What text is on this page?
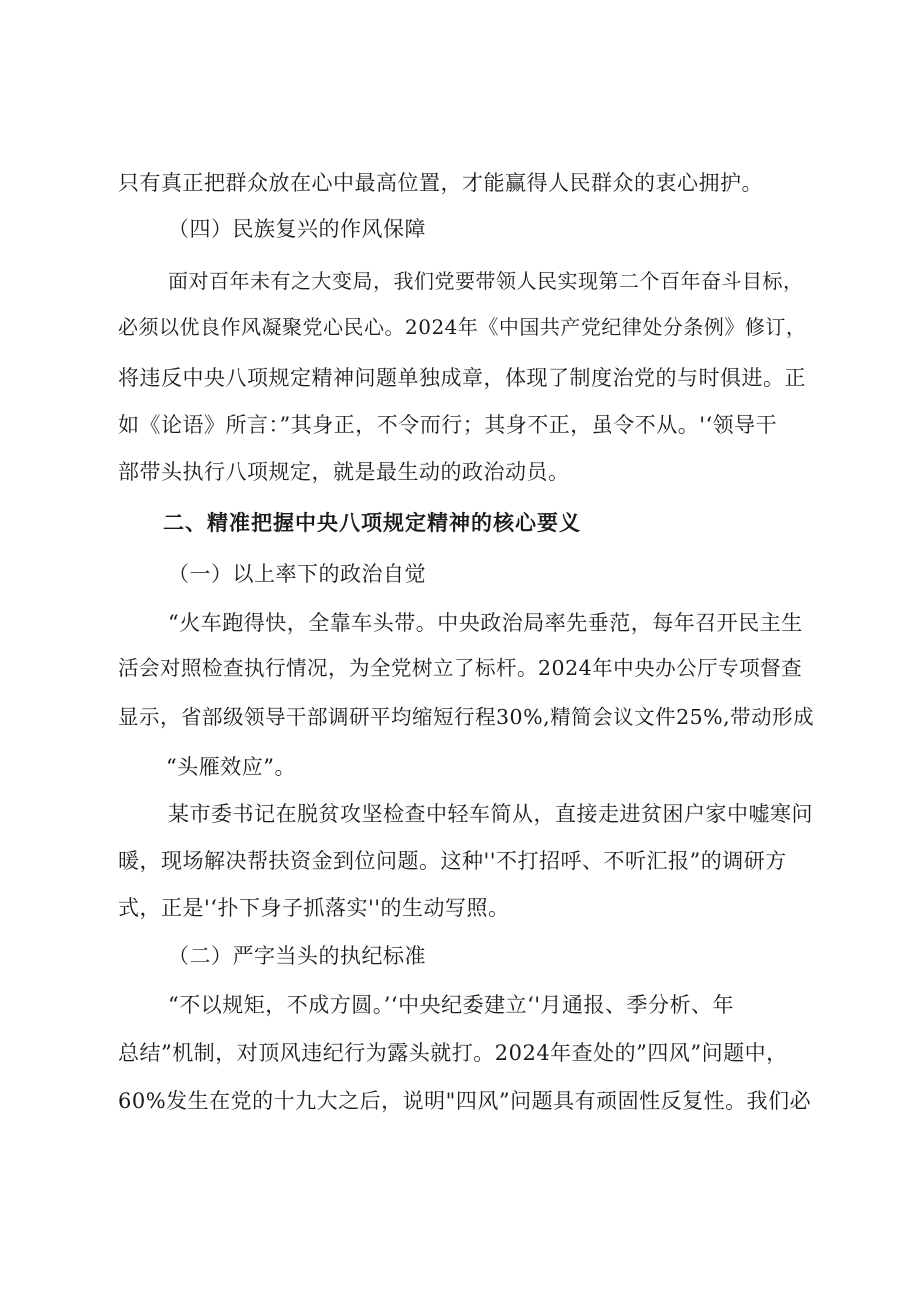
只有真正把群众放在心中最高位置，才能赢得人民群众的衷心拥护。
（四）民族复兴的作风保障
面对百年未有之大变局，我们党要带领人民实现第二个百年奋斗目标，
必须以优良作风凝聚党心民心。2024年《中国共产党纪律处分条例》修订，
将违反中央八项规定精神问题单独成章，体现了制度治党的与时俱进。正
如《论语》所言：”其身正，不令而行；其身不正，虽令不从。'‘领导干
部带头执行八项规定，就是最生动的政治动员。
二、精准把握中央八项规定精神的核心要义
（一）以上率下的政治自觉
“火车跑得快，全靠车头带。中央政治局率先垂范，每年召开民主生
活会对照检查执行情况，为全党树立了标杆。2024年中央办公厅专项督查
显示，省部级领导干部调研平均缩短行程30%,精简会议文件25%,带动形成
“头雁效应”。
某市委书记在脱贫攻坚检查中轻车简从，直接走进贫困户家中嘘寒问
暖，现场解决帮扶资金到位问题。这种''不打招呼、不听汇报”的调研方
式，正是'‘扑下身子抓落实''的生动写照。
（二）严字当头的执纪标准
“不以规矩，不成方圆。’‘中央纪委建立‘'月通报、季分析、年
总结”机制，对顶风违纪行为露头就打。2024年查处的”四风”问题中，
60%发生在党的十九大之后，说明"四风”问题具有顽固性反复性。我们必
